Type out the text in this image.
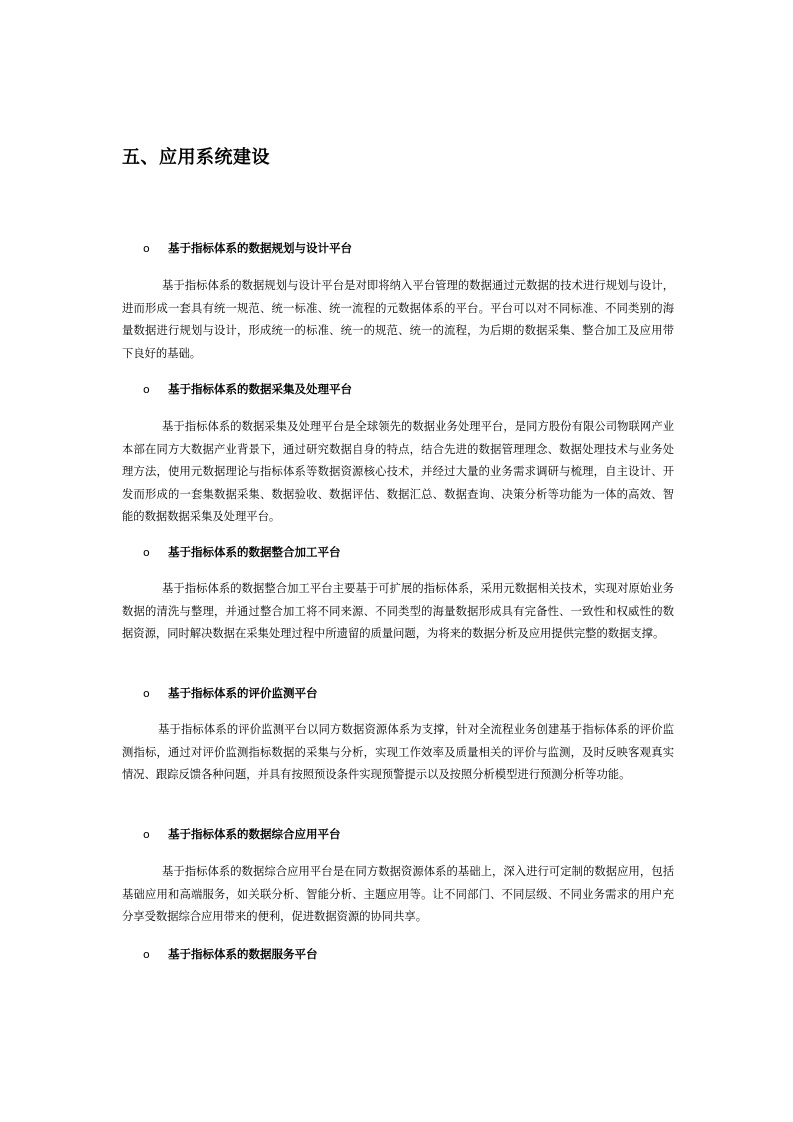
五、应用系统建设
o 基于指标体系的数据规划与设计平台

基于指标体系的数据规划与设计平台是对即将纳入平台管理的数据通过元数据的技术进行规划与设计，进而形成一套具有统一规范、统一标准、统一流程的元数据体系的平台。平台可以对不同标准、不同类别的海量数据进行规划与设计，形成统一的标准、统一的规范、统一的流程，为后期的数据采集、整合加工及应用带下良好的基础。

o 基于指标体系的数据采集及处理平台

基于指标体系的数据采集及处理平台是全球领先的数据业务处理平台，是同方股份有限公司物联网产业本部在同方大数据产业背景下，通过研究数据自身的特点，结合先进的数据管理理念、数据处理技术与业务处理方法，使用元数据理论与指标体系等数据资源核心技术，并经过大量的业务需求调研与梳理，自主设计、开发而形成的一套集数据采集、数据验收、数据评估、数据汇总、数据查询、决策分析等功能为一体的高效、智能的数据数据采集及处理平台。

o 基于指标体系的数据整合加工平台

基于指标体系的数据整合加工平台主要基于可扩展的指标体系，采用元数据相关技术，实现对原始业务数据的清洗与整理，并通过整合加工将不同来源、不同类型的海量数据形成具有完备性、一致性和权威性的数据资源，同时解决数据在采集处理过程中所遗留的质量问题，为将来的数据分析及应用提供完整的数据支撑。

o 基于指标体系的评价监测平台

基于指标体系的评价监测平台以同方数据资源体系为支撑，针对全流程业务创建基于指标体系的评价监测指标，通过对评价监测指标数据的采集与分析，实现工作效率及质量相关的评价与监测，及时反映客观真实情况、跟踪反馈各种问题，并具有按照预设条件实现预警提示以及按照分析模型进行预测分析等功能。

o 基于指标体系的数据综合应用平台

基于指标体系的数据综合应用平台是在同方数据资源体系的基础上，深入进行可定制的数据应用，包括基础应用和高端服务，如关联分析、智能分析、主题应用等。让不同部门、不同层级、不同业务需求的用户充分享受数据综合应用带来的便利，促进数据资源的协同共享。

o 基于指标体系的数据服务平台
